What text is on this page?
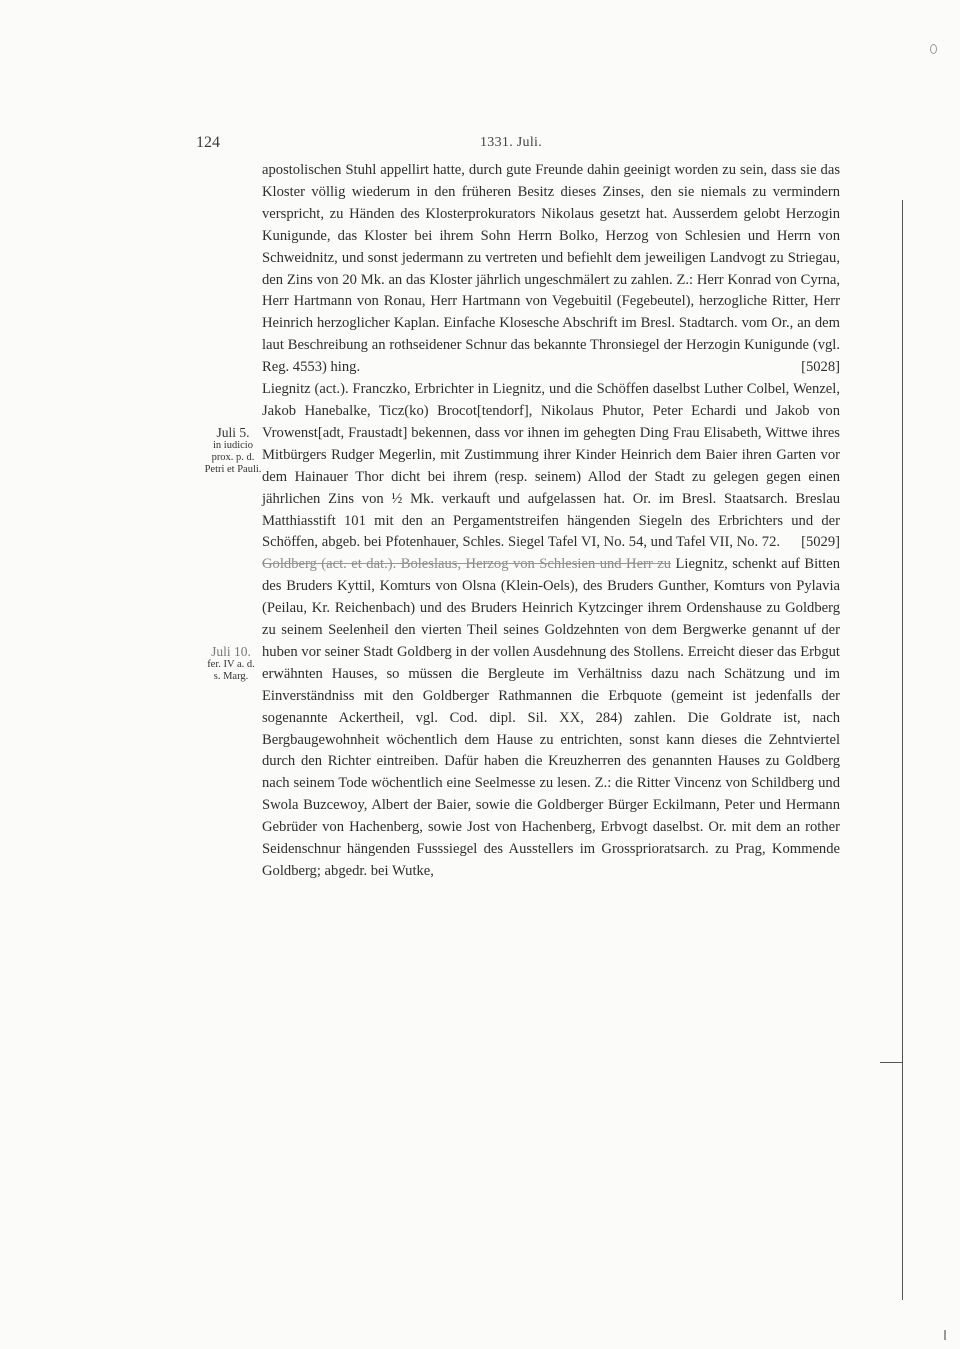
124	1331. Juli.
Juli 5.
in iudicio
prox. p. d.
Petri et Pauli.
Juli 10.
fer. IV a. d.
s. Marg.

apostolischen Stuhl appellirt hatte, durch gute Freunde dahin geeinigt worden zu sein, dass sie das Kloster völlig wiederum in den früheren Besitz dieses Zinses, den sie niemals zu vermindern verspricht, zu Händen des Klosterprokurators Nikolaus gesetzt hat. Ausserdem gelobt Herzogin Kunigunde, das Kloster bei ihrem Sohn Herrn Bolko, Herzog von Schlesien und Herrn von Schweidnitz, und sonst jedermann zu vertreten und befiehlt dem jeweiligen Landvogt zu Striegau, den Zins von 20 Mk. an das Kloster jährlich ungeschmälert zu zahlen. Z.: Herr Konrad von Cyrna, Herr Hartmann von Ronau, Herr Hartmann von Vegebuitil (Fegebeutel), herzogliche Ritter, Herr Heinrich herzoglicher Kaplan. Einfache Klosesche Abschrift im Bresl. Stadtarch. vom Or., an dem laut Beschreibung an rothseidener Schnur das bekannte Thronsiegel der Herzogin Kunigunde (vgl. Reg. 4553) hing.	[5028]

Liegnitz (act.). Franczko, Erbrichter in Liegnitz, und die Schöffen daselbst Luther Colbel, Wenzel, Jakob Hanebalke, Ticz(ko) Brocot[tendorf], Nikolaus Phutor, Peter Echardi und Jakob von Vrowenst[adt, Fraustadt] bekennen, dass vor ihnen im gehegten Ding Frau Elisabeth, Wittwe ihres Mitbürgers Rudger Megerlin, mit Zustimmung ihrer Kinder Heinrich dem Baier ihren Garten vor dem Hainauer Thor dicht bei ihrem (resp. seinem) Allod der Stadt zu gelegen gegen einen jährlichen Zins von ½ Mk. verkauft und aufgelassen hat. Or. im Bresl. Staatsarch. Breslau Matthiasstift 101 mit den an Pergamentstreifen hängenden Siegeln des Erbrichters und der Schöffen, abgeb. bei Pfotenhauer, Schles. Siegel Tafel VI, No. 54, und Tafel VII, No. 72. [5029]

Goldberg (act. et dat.). Boleslaus, Herzog von Schlesien und Herr zu Liegnitz, schenkt auf Bitten des Bruders Kyttil, Komturs von Olsna (Klein-Oels), des Bruders Gunther, Komturs von Pylavia (Peilau, Kr. Reichenbach) und des Bruders Heinrich Kytzcinger ihrem Ordenshause zu Goldberg zu seinem Seelenheil den vierten Theil seines Goldzehnten von dem Bergwerke genannt uf der huben vor seiner Stadt Goldberg in der vollen Ausdehnung des Stollens. Erreicht dieser das Erbgut erwähnten Hauses, so müssen die Bergleute im Verhältniss dazu nach Schätzung und im Einverständniss mit den Goldberger Rathmannen die Erbquote (gemeint ist jedenfalls der sogenannte Ackertheil, vgl. Cod. dipl. Sil. XX, 284) zahlen. Die Goldrate ist, nach Bergbaugewohnheit wöchentlich dem Hause zu entrichten, sonst kann dieses die Zehntviertel durch den Richter eintreiben. Dafür haben die Kreuzherren des genannten Hauses zu Goldberg nach seinem Tode wöchentlich eine Seelmesse zu lesen. Z.: die Ritter Vincenz von Schildberg und Swola Buzcewoy, Albert der Baier, sowie die Goldberger Bürger Eckilmann, Peter und Hermann Gebrüder von Hachenberg, sowie Jost von Hachenberg, Erbvogt daselbst. Or. mit dem an rother Seidenschnur hängenden Fusssiegel des Ausstellers im Grossprioratsarch. zu Prag, Kommende Goldberg; abgedr. bei Wutke,
